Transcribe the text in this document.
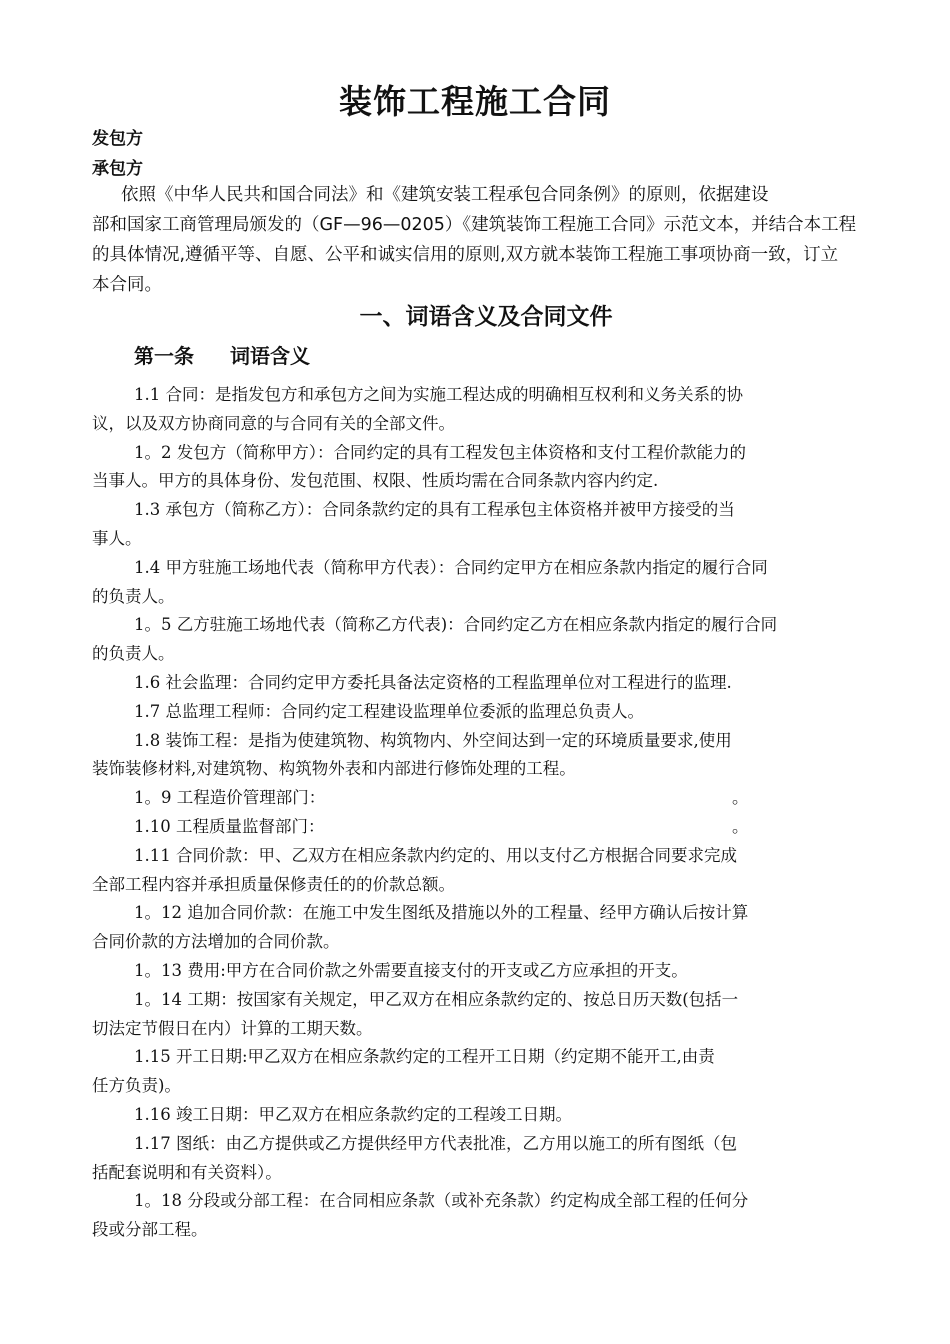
装饰工程施工合同
发包方
承包方
依照《中华人民共和国合同法》和《建筑安装工程承包合同条例》的原则，依据建设
部和国家工商管理局颁发的（GF—96—0205）《建筑装饰工程施工合同》示范文本，并结合本工程
的具体情况,遵循平等、自愿、公平和诚实信用的原则,双方就本装饰工程施工事项协商一致，订立
本合同。
一、词语含义及合同文件
第一条 词语含义
1.1 合同：是指发包方和承包方之间为实施工程达成的明确相互权利和义务关系的协
议，以及双方协商同意的与合同有关的全部文件。
1。2 发包方（简称甲方）：合同约定的具有工程发包主体资格和支付工程价款能力的
当事人。甲方的具体身份、发包范围、权限、性质均需在合同条款内容内约定.
1.3 承包方（简称乙方）：合同条款约定的具有工程承包主体资格并被甲方接受的当
事人。
1.4 甲方驻施工场地代表（简称甲方代表）：合同约定甲方在相应条款内指定的履行合同
的负责人。
1。5 乙方驻施工场地代表（简称乙方代表)：合同约定乙方在相应条款内指定的履行合同
的负责人。
1.6 社会监理：合同约定甲方委托具备法定资格的工程监理单位对工程进行的监理.
1.7 总监理工程师：合同约定工程建设监理单位委派的监理总负责人。
1.8 装饰工程：是指为使建筑物、构筑物内、外空间达到一定的环境质量要求,使用
装饰装修材料,对建筑物、构筑物外表和内部进行修饰处理的工程。
1。9 工程造价管理部门：	。
1.10 工程质量监督部门：	。
1.11 合同价款：甲、乙双方在相应条款内约定的、用以支付乙方根据合同要求完成
全部工程内容并承担质量保修责任的的价款总额。
1。12 追加合同价款：在施工中发生图纸及措施以外的工程量、经甲方确认后按计算
合同价款的方法增加的合同价款。
1。13 费用:甲方在合同价款之外需要直接支付的开支或乙方应承担的开支。
1。14 工期：按国家有关规定，甲乙双方在相应条款约定的、按总日历天数(包括一
切法定节假日在内）计算的工期天数。
1.15 开工日期:甲乙双方在相应条款约定的工程开工日期（约定期不能开工,由责
任方负责)。
1.16 竣工日期：甲乙双方在相应条款约定的工程竣工日期。
1.17 图纸：由乙方提供或乙方提供经甲方代表批准，乙方用以施工的所有图纸（包
括配套说明和有关资料）。
1。18 分段或分部工程：在合同相应条款（或补充条款）约定构成全部工程的任何分
段或分部工程。
